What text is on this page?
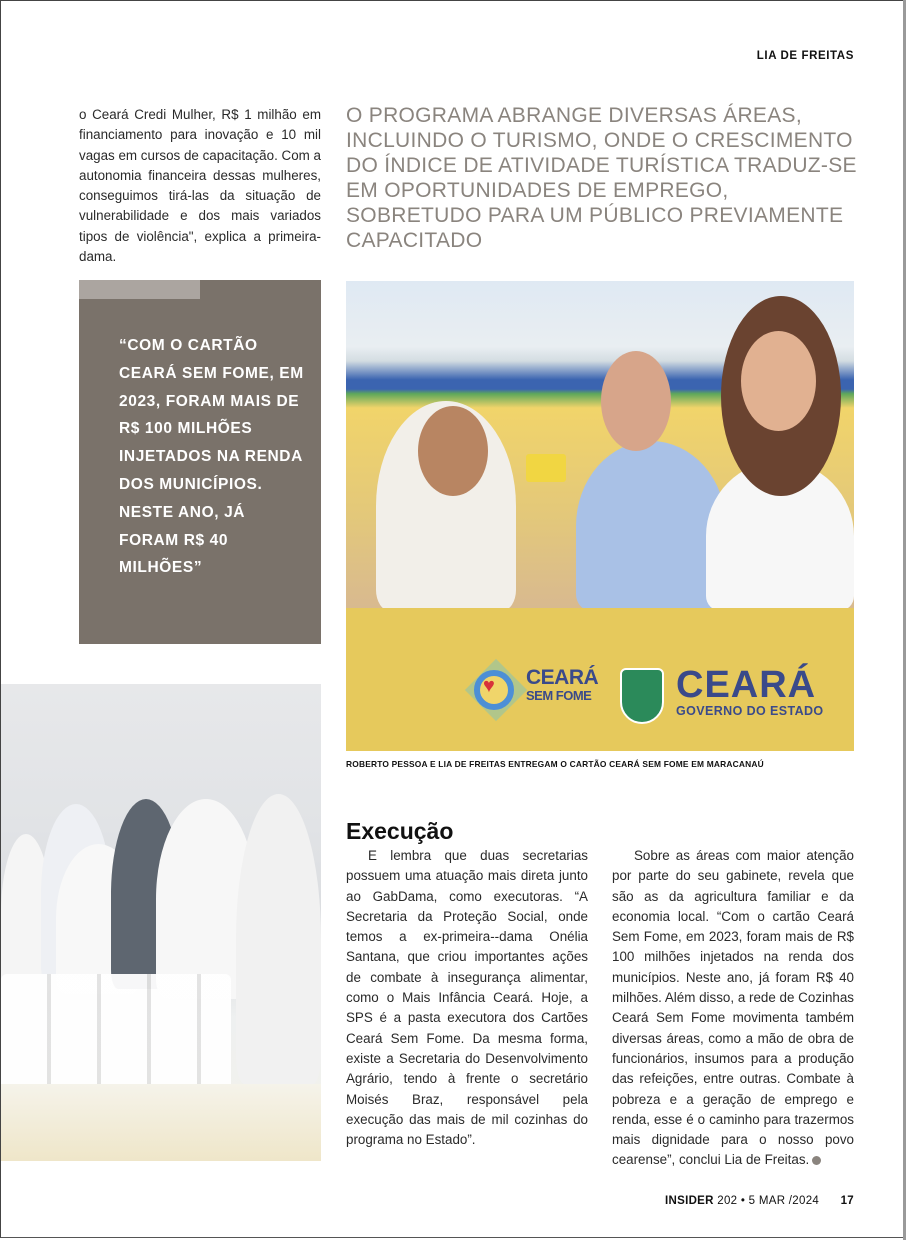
LIA DE FREITAS

o Ceará Credi Mulher, R$ 1 milhão em financiamento para inovação e 10 mil vagas em cursos de capacitação. Com a autonomia financeira dessas mulheres, conseguimos tirá-las da situação de vulnerabilidade e dos mais variados tipos de violência", explica a primeira-dama.

O PROGRAMA ABRANGE DIVERSAS ÁREAS, INCLUINDO O TURISMO, ONDE O CRESCIMENTO DO ÍNDICE DE ATIVIDADE TURÍSTICA TRADUZ-SE EM OPORTUNIDADES DE EMPREGO, SOBRETUDO PARA UM PÚBLICO PREVIAMENTE CAPACITADO
“COM O CARTÃO CEARÁ SEM FOME, EM 2023, FORAM MAIS DE R$ 100 MILHÕES INJETADOS NA RENDA DOS MUNICÍPIOS. NESTE ANO, JÁ FORAM R$ 40 MILHÕES”
♥ CEARÁ
SEM FOME CEARÁ
GOVERNO DO ESTADO
ROBERTO PESSOA E LIA DE FREITAS ENTREGAM O CARTÃO CEARÁ SEM FOME EM MARACANAÚ
Execução

E lembra que duas secretarias possuem uma atuação mais direta junto ao GabDama, como executoras. “A Secretaria da Proteção Social, onde temos a ex-primeira--dama Onélia Santana, que criou importantes ações de combate à insegurança alimentar, como o Mais Infância Ceará. Hoje, a SPS é a pasta executora dos Cartões Ceará Sem Fome. Da mesma forma, existe a Secretaria do Desenvolvimento Agrário, tendo à frente o secretário Moisés Braz, responsável pela execução das mais de mil cozinhas do programa no Estado”.

Sobre as áreas com maior atenção por parte do seu gabinete, revela que são as da agricultura familiar e da economia local. “Com o cartão Ceará Sem Fome, em 2023, foram mais de R$ 100 milhões injetados na renda dos municípios. Neste ano, já foram R$ 40 milhões. Além disso, a rede de Cozinhas Ceará Sem Fome movimenta também diversas áreas, como a mão de obra de funcionários, insumos para a produção das refeições, entre outras. Combate à pobreza e a geração de emprego e renda, esse é o caminho para trazermos mais dignidade para o nosso povo cearense”, conclui Lia de Freitas.

INSIDER 202 • 5 MAR /2024 17
